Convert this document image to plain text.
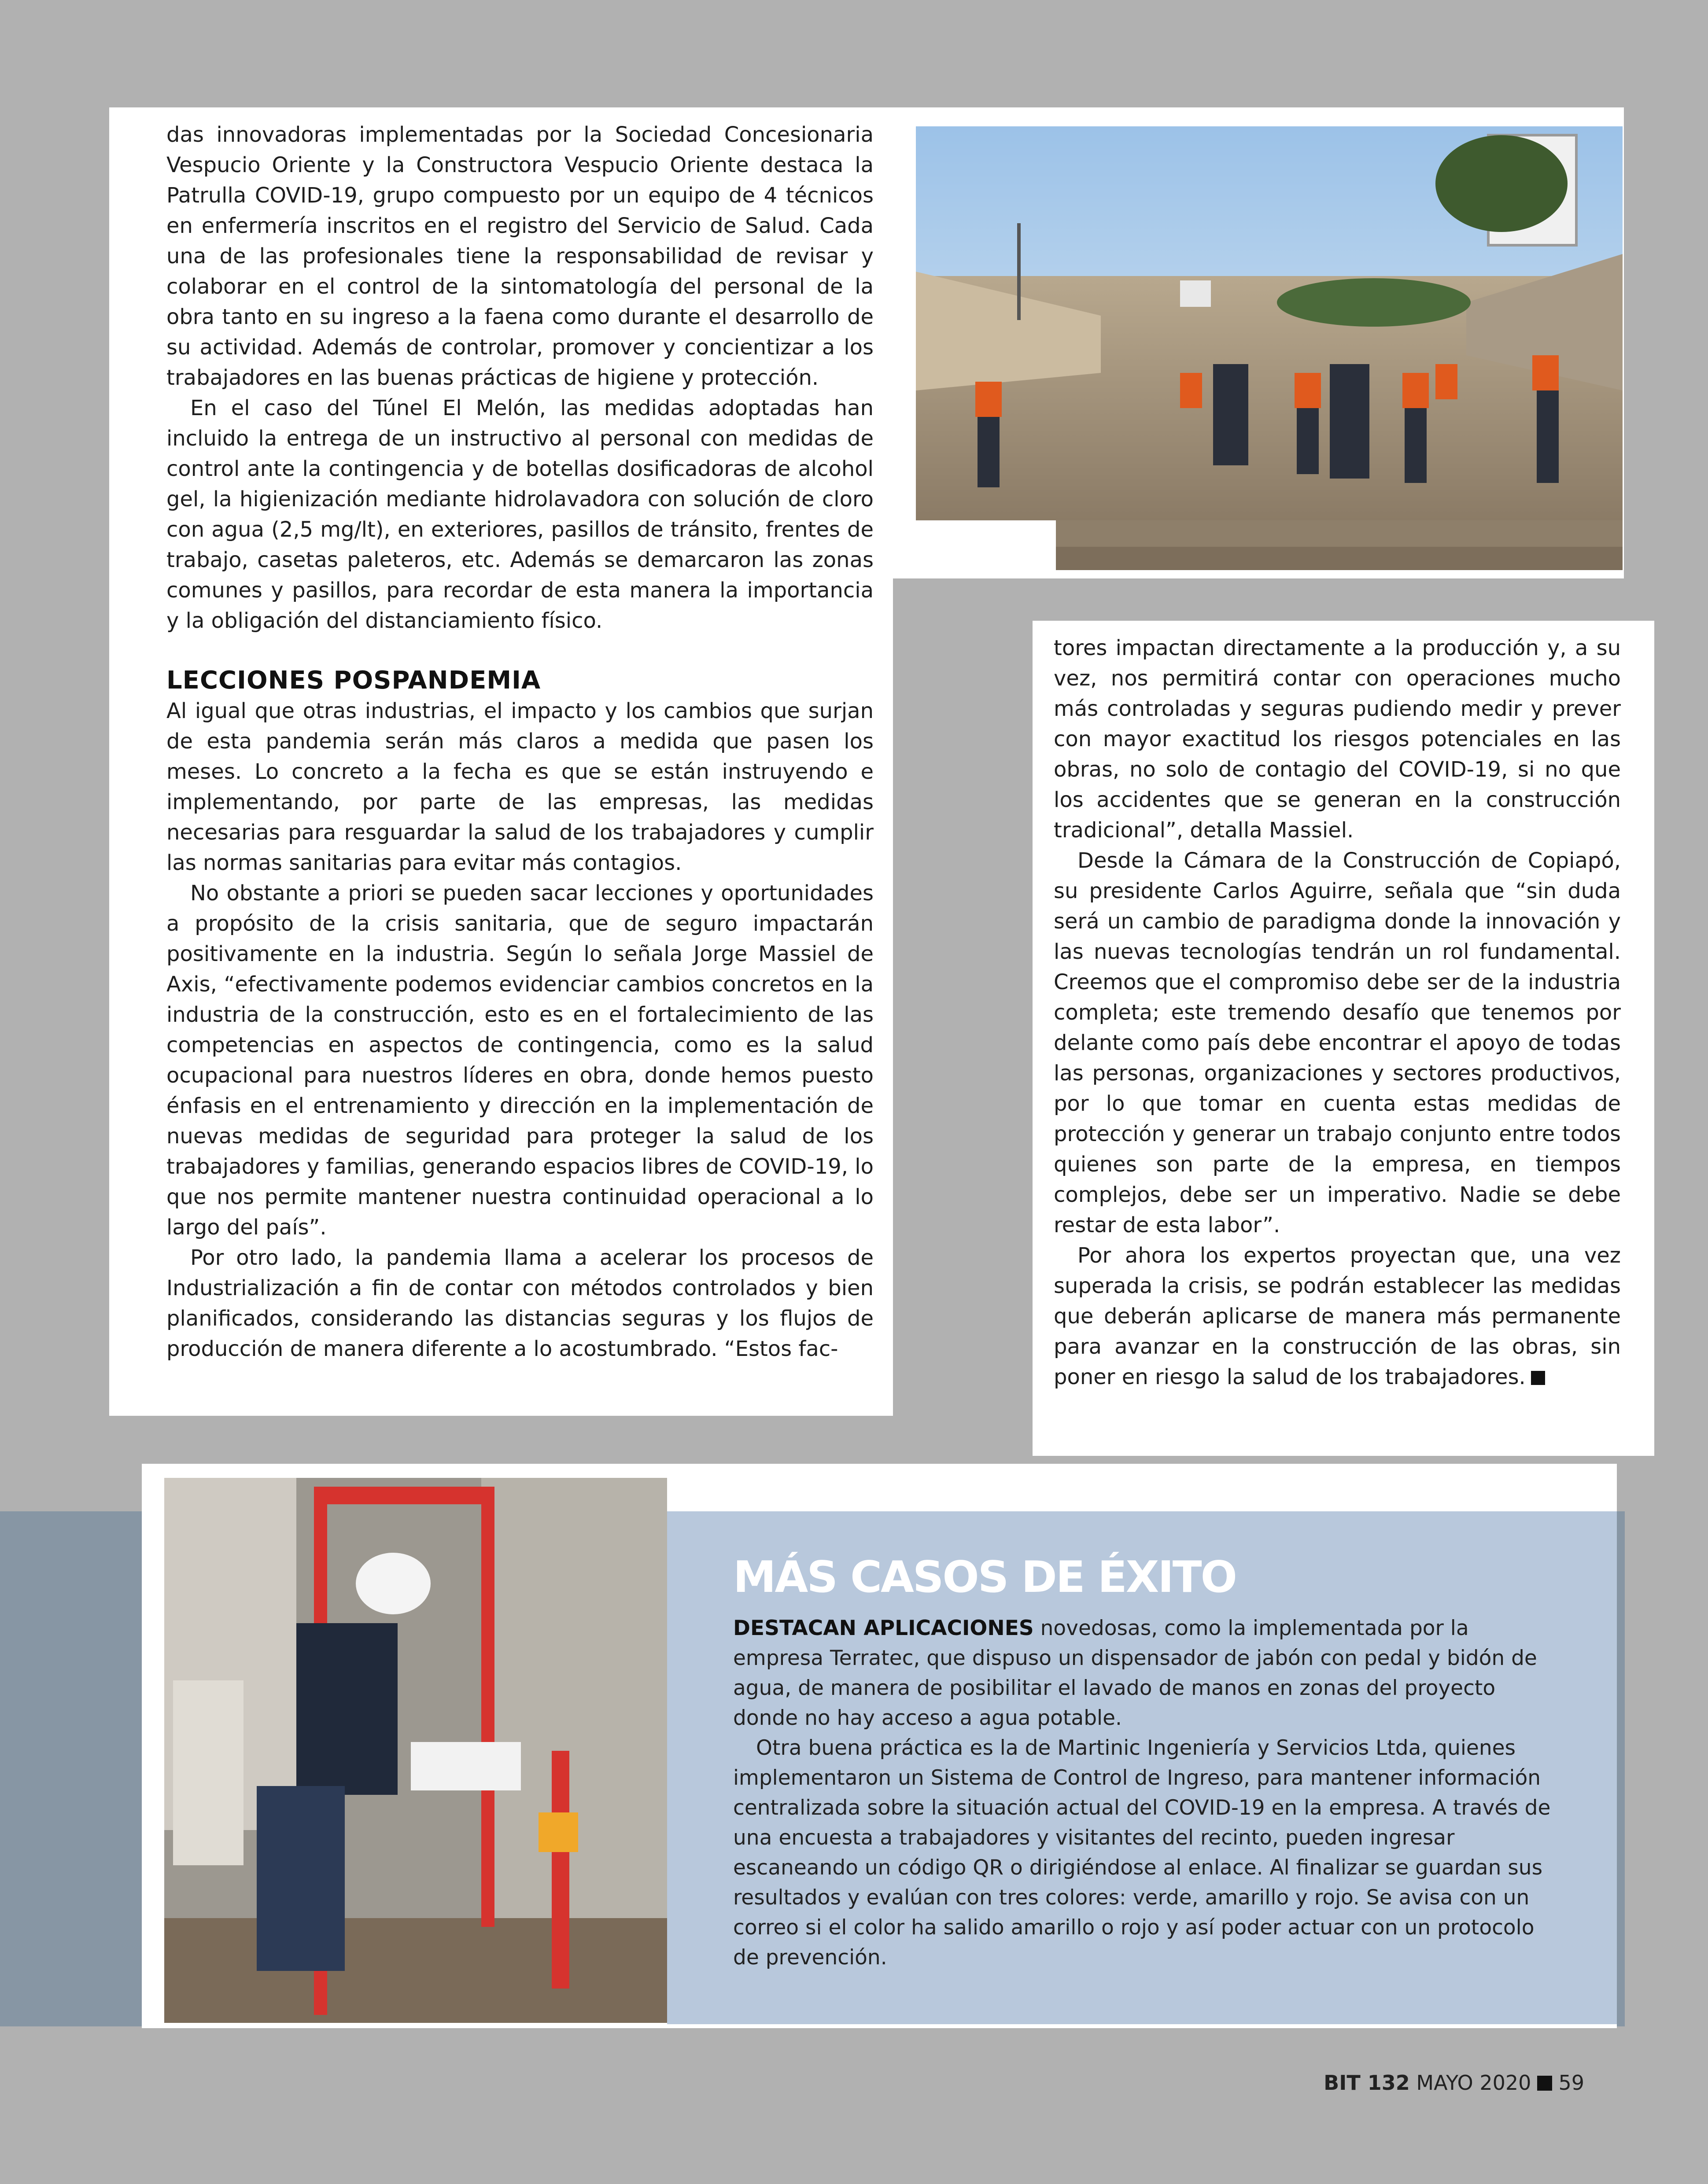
das innovadoras implementadas por la Sociedad Concesionaria Vespucio Oriente y la Constructora Vespucio Oriente destaca la Patrulla COVID-19, grupo compuesto por un equipo de 4 técnicos en enfermería inscritos en el registro del Servicio de Salud. Cada una de las profesionales tiene la responsabilidad de revisar y colaborar en el control de la sintomatología del personal de la obra tanto en su ingreso a la faena como durante el desarrollo de su actividad. Además de controlar, promover y concientizar a los trabajadores en las buenas prácticas de higiene y protección.

En el caso del Túnel El Melón, las medidas adoptadas han incluido la entrega de un instructivo al personal con medidas de control ante la contingencia y de botellas dosificadoras de alcohol gel, la higienización mediante hidrolavadora con solución de cloro con agua (2,5 mg/lt), en exteriores, pasillos de tránsito, frentes de trabajo, casetas paleteros, etc. Además se demarcaron las zonas comunes y pasillos, para recordar de esta manera la importancia y la obligación del distanciamiento físico.

LECCIONES POSPANDEMIA

Al igual que otras industrias, el impacto y los cambios que surjan de esta pandemia serán más claros a medida que pasen los meses. Lo concreto a la fecha es que se están instruyendo e implementando, por parte de las empresas, las medidas necesarias para resguardar la salud de los trabajadores y cumplir las normas sanitarias para evitar más contagios.

No obstante a priori se pueden sacar lecciones y oportunidades a propósito de la crisis sanitaria, que de seguro impactarán positivamente en la industria. Según lo señala Jorge Massiel de Axis, “efectivamente podemos evidenciar cambios concretos en la industria de la construcción, esto es en el fortalecimiento de las competencias en aspectos de contingencia, como es la salud ocupacional para nuestros líderes en obra, donde hemos puesto énfasis en el entrenamiento y dirección en la implementación de nuevas medidas de seguridad para proteger la salud de los trabajadores y familias, generando espacios libres de COVID-19, lo que nos permite mantener nuestra continuidad operacional a lo largo del país”.

Por otro lado, la pandemia llama a acelerar los procesos de Industrialización a fin de contar con métodos controlados y bien planificados, considerando las distancias seguras y los flujos de producción de manera diferente a lo acostumbrado. “Estos fac-

tores impactan directamente a la producción y, a su vez, nos permitirá contar con operaciones mucho más controladas y seguras pudiendo medir y prever con mayor exactitud los riesgos potenciales en las obras, no solo de contagio del COVID-19, si no que los accidentes que se generan en la construcción tradicional”, detalla Massiel.

Desde la Cámara de la Construcción de Copiapó, su presidente Carlos Aguirre, señala que “sin duda será un cambio de paradigma donde la innovación y las nuevas tecnologías tendrán un rol fundamental. Creemos que el compromiso debe ser de la industria completa; este tremendo desafío que tenemos por delante como país debe encontrar el apoyo de todas las personas, organizaciones y sectores productivos, por lo que tomar en cuenta estas medidas de protección y generar un trabajo conjunto entre todos quienes son parte de la empresa, en tiempos complejos, debe ser un imperativo. Nadie se debe restar de esta labor”.

Por ahora los expertos proyectan que, una vez superada la crisis, se podrán establecer las medidas que deberán aplicarse de manera más permanente para avanzar en la construcción de las obras, sin poner en riesgo la salud de los trabajadores.

MÁS CASOS DE ÉXITO

DESTACAN APLICACIONES novedosas, como la implementada por la empresa Terratec, que dispuso un dispensador de jabón con pedal y bidón de agua, de manera de posibilitar el lavado de manos en zonas del proyecto donde no hay acceso a agua potable.

Otra buena práctica es la de Martinic Ingeniería y Servicios Ltda, quienes implementaron un Sistema de Control de Ingreso, para mantener información centralizada sobre la situación actual del COVID-19 en la empresa. A través de una encuesta a trabajadores y visitantes del recinto, pueden ingresar escaneando un código QR o dirigiéndose al enlace. Al finalizar se guardan sus resultados y evalúan con tres colores: verde, amarillo y rojo. Se avisa con un correo si el color ha salido amarillo o rojo y así poder actuar con un protocolo de prevención.

BIT 132 MAYO 2020 59
